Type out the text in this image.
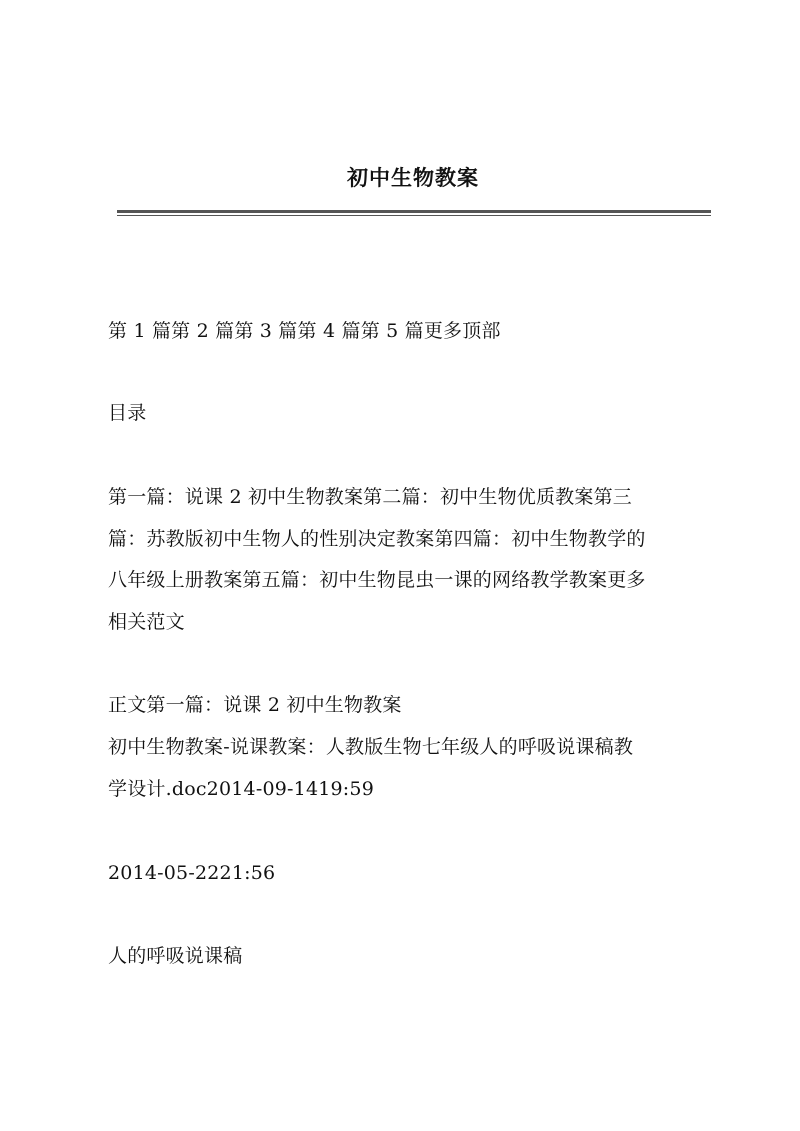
初中生物教案
第 1 篇第 2 篇第 3 篇第 4 篇第 5 篇更多顶部
目录
第一篇：说课 2 初中生物教案第二篇：初中生物优质教案第三
篇：苏教版初中生物人的性别决定教案第四篇：初中生物教学的
八年级上册教案第五篇：初中生物昆虫一课的网络教学教案更多
相关范文
正文第一篇：说课 2 初中生物教案
初中生物教案-说课教案：人教版生物七年级人的呼吸说课稿教
学设计.doc2014-09-1419:59
2014-05-2221:56
人的呼吸说课稿
